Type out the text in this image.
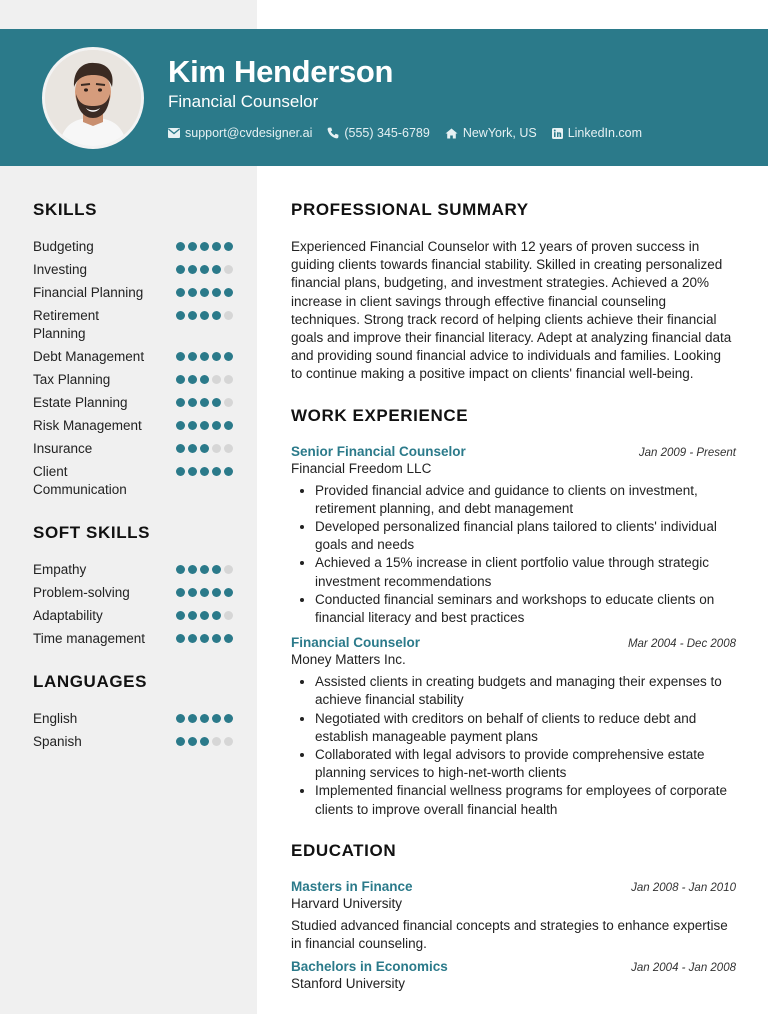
Kim Henderson
Financial Counselor
support@cvdesigner.ai	(555) 345-6789	NewYork, US LinkedIn.com
SKILLS
Budgeting
Investing
Financial Planning
Retirement Planning
Debt Management
Tax Planning
Estate Planning
Risk Management
Insurance
Client Communication
SOFT SKILLS
Empathy
Problem-solving
Adaptability
Time management
LANGUAGES
English
Spanish
PROFESSIONAL SUMMARY

Experienced Financial Counselor with 12 years of proven success in guiding clients towards financial stability. Skilled in creating personalized financial plans, budgeting, and investment strategies. Achieved a 20% increase in client savings through effective financial counseling techniques. Strong track record of helping clients achieve their financial goals and improve their financial literacy. Adept at analyzing financial data and providing sound financial advice to individuals and families. Looking to continue making a positive impact on clients' financial well-being.

WORK EXPERIENCE
Senior Financial Counselor	Jan 2009 - Present
Financial Freedom LLC
• Provided financial advice and guidance to clients on investment, retirement planning, and debt management
• Developed personalized financial plans tailored to clients' individual goals and needs
• Achieved a 15% increase in client portfolio value through strategic investment recommendations
• Conducted financial seminars and workshops to educate clients on financial literacy and best practices
Financial Counselor	Mar 2004 - Dec 2008
Money Matters Inc.
• Assisted clients in creating budgets and managing their expenses to achieve financial stability
• Negotiated with creditors on behalf of clients to reduce debt and establish manageable payment plans
• Collaborated with legal advisors to provide comprehensive estate planning services to high-net-worth clients
• Implemented financial wellness programs for employees of corporate clients to improve overall financial health
EDUCATION
Masters in Finance	Jan 2008 - Jan 2010
Harvard University

Studied advanced financial concepts and strategies to enhance expertise in financial counseling.

Bachelors in Economics	Jan 2004 - Jan 2008
Stanford University
